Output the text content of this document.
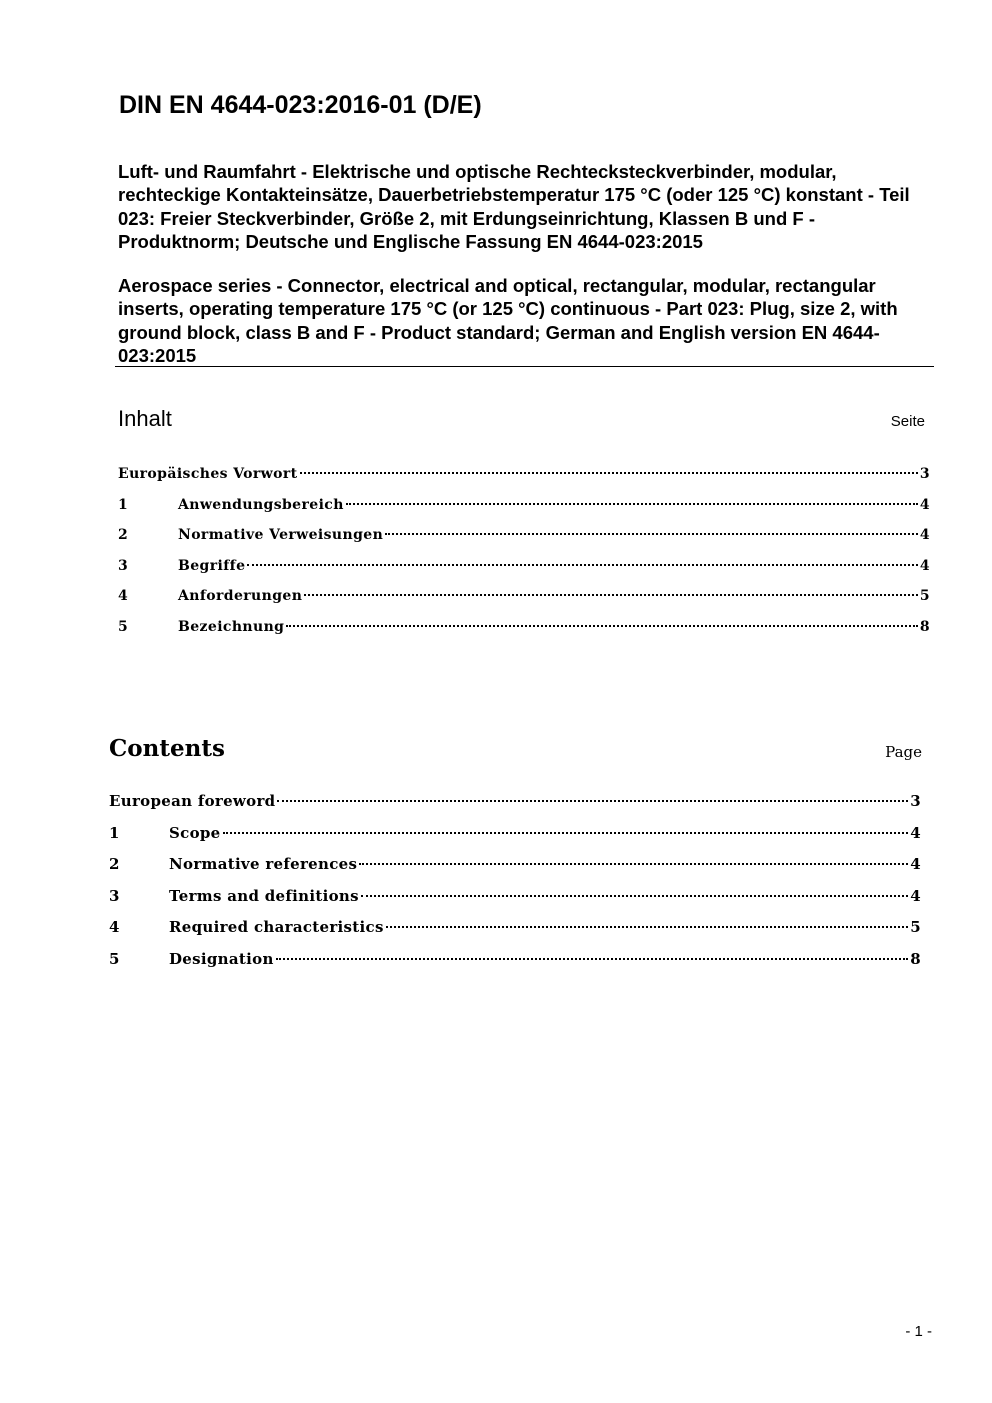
DIN EN 4644-023:2016-01 (D/E)

Luft- und Raumfahrt - Elektrische und optische Rechtecksteckverbinder, modular, rechteckige Kontakteinsätze, Dauerbetriebstemperatur 175 °C (oder 125 °C) konstant - Teil 023: Freier Steckverbinder, Größe 2, mit Erdungseinrichtung, Klassen B und F - Produktnorm; Deutsche und Englische Fassung EN 4644-023:2015

Aerospace series - Connector, electrical and optical, rectangular, modular, rectangular inserts, operating temperature 175 °C (or 125 °C) continuous - Part 023: Plug, size 2, with ground block, class B and F - Product standard; German and English version EN 4644-023:2015

Inhalt	Seite
Europäisches Vorwort	3
1	Anwendungsbereich	4
2	Normative Verweisungen	4
3	Begriffe	4
4	Anforderungen	5
5	Bezeichnung	8
Contents	Page
European foreword	3
1	Scope	4
2	Normative references	4
3	Terms and definitions	4
4	Required characteristics	5
5	Designation	8
- 1 -
